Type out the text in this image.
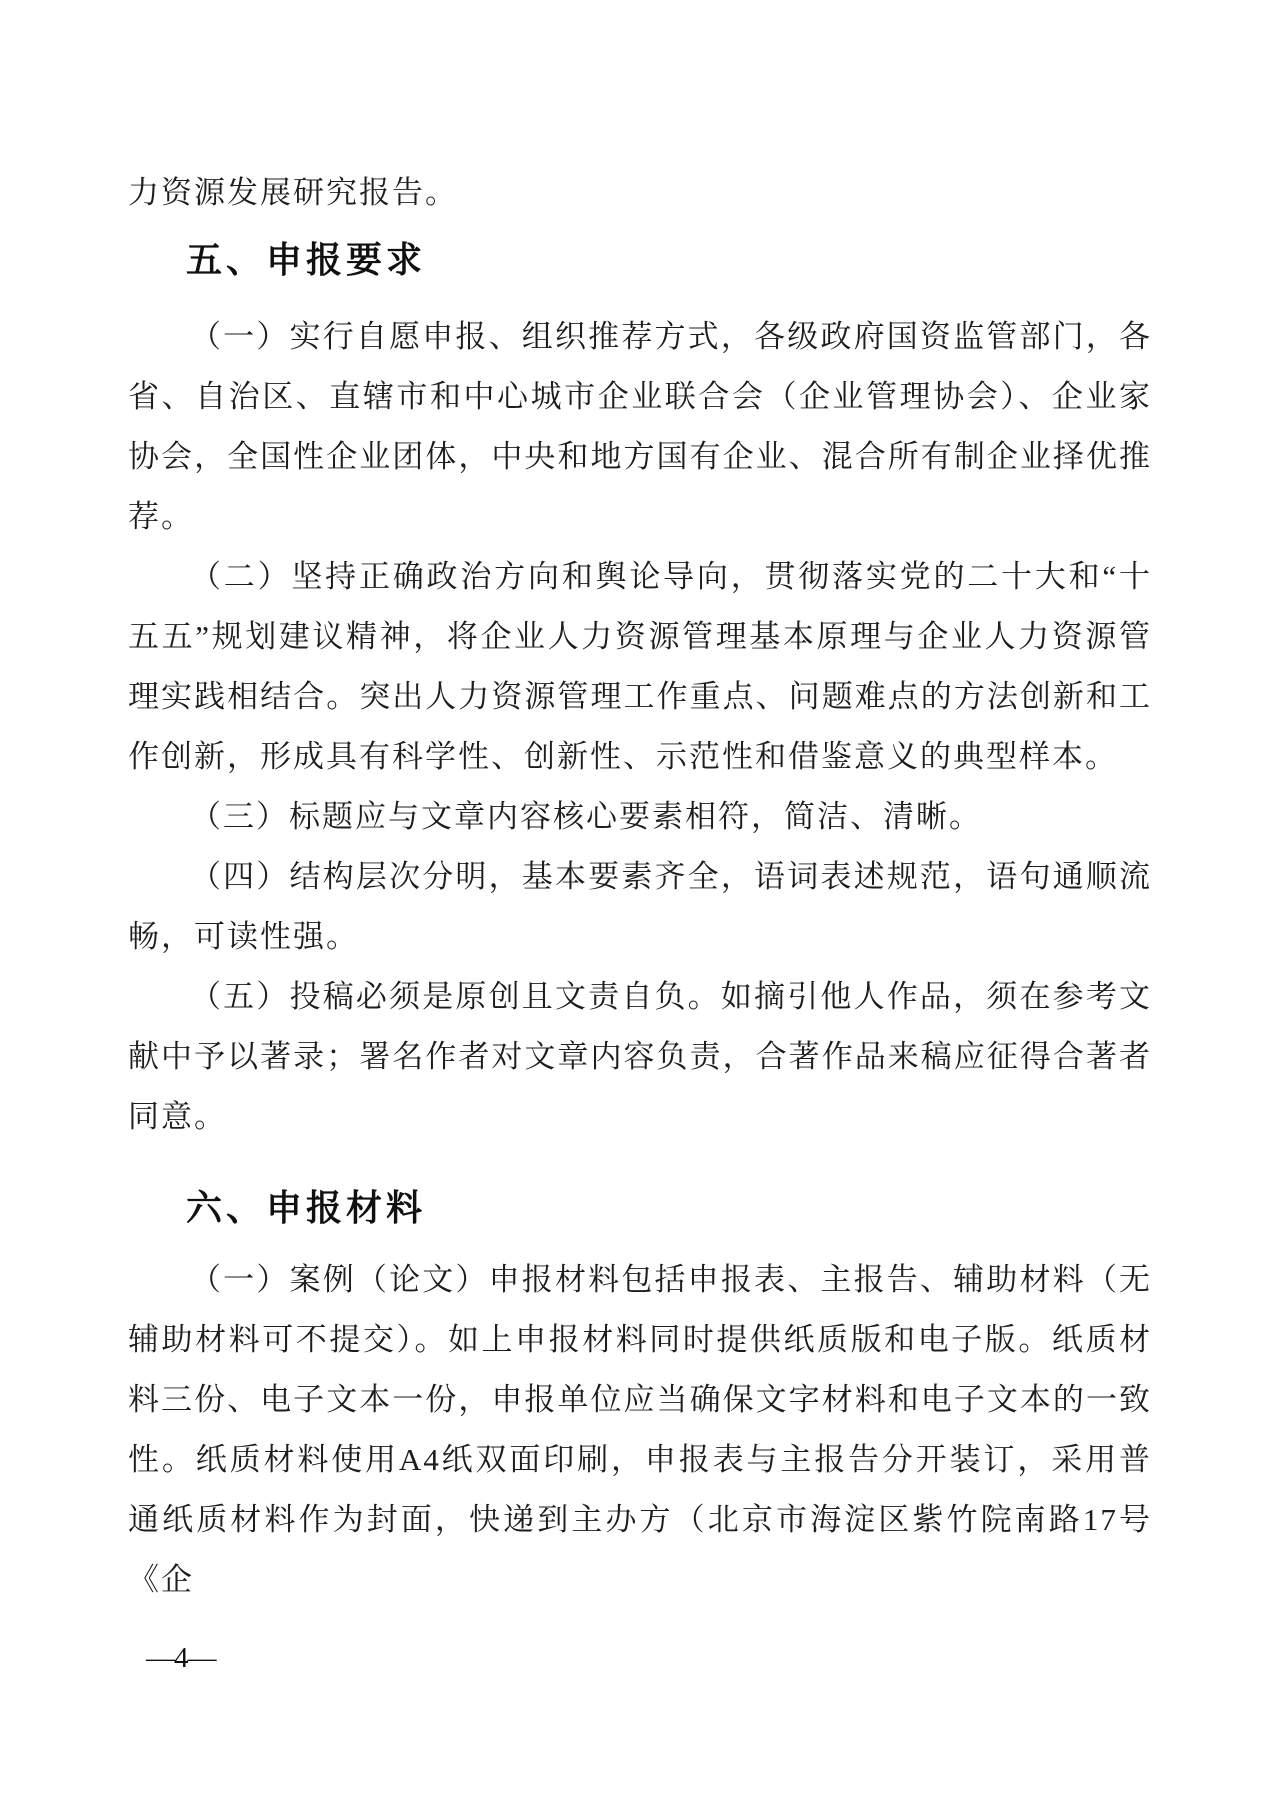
力资源发展研究报告。

五、申报要求

（一）实行自愿申报、组织推荐方式，各级政府国资监管部门，各省、自治区、直辖市和中心城市企业联合会（企业管理协会）、企业家协会，全国性企业团体，中央和地方国有企业、混合所有制企业择优推荐。

（二）坚持正确政治方向和舆论导向，贯彻落实党的二十大和“十五五”规划建议精神，将企业人力资源管理基本原理与企业人力资源管理实践相结合。突出人力资源管理工作重点、问题难点的方法创新和工作创新，形成具有科学性、创新性、示范性和借鉴意义的典型样本。

（三）标题应与文章内容核心要素相符，简洁、清晰。

（四）结构层次分明，基本要素齐全，语词表述规范，语句通顺流畅，可读性强。

（五）投稿必须是原创且文责自负。如摘引他人作品，须在参考文献中予以著录；署名作者对文章内容负责，合著作品来稿应征得合著者同意。

六、申报材料

（一）案例（论文）申报材料包括申报表、主报告、辅助材料（无辅助材料可不提交）。如上申报材料同时提供纸质版和电子版。纸质材料三份、电子文本一份，申报单位应当确保文字材料和电子文本的一致性。纸质材料使用A4纸双面印刷，申报表与主报告分开装订，采用普通纸质材料作为封面，快递到主办方（北京市海淀区紫竹院南路17号《企

—4—
